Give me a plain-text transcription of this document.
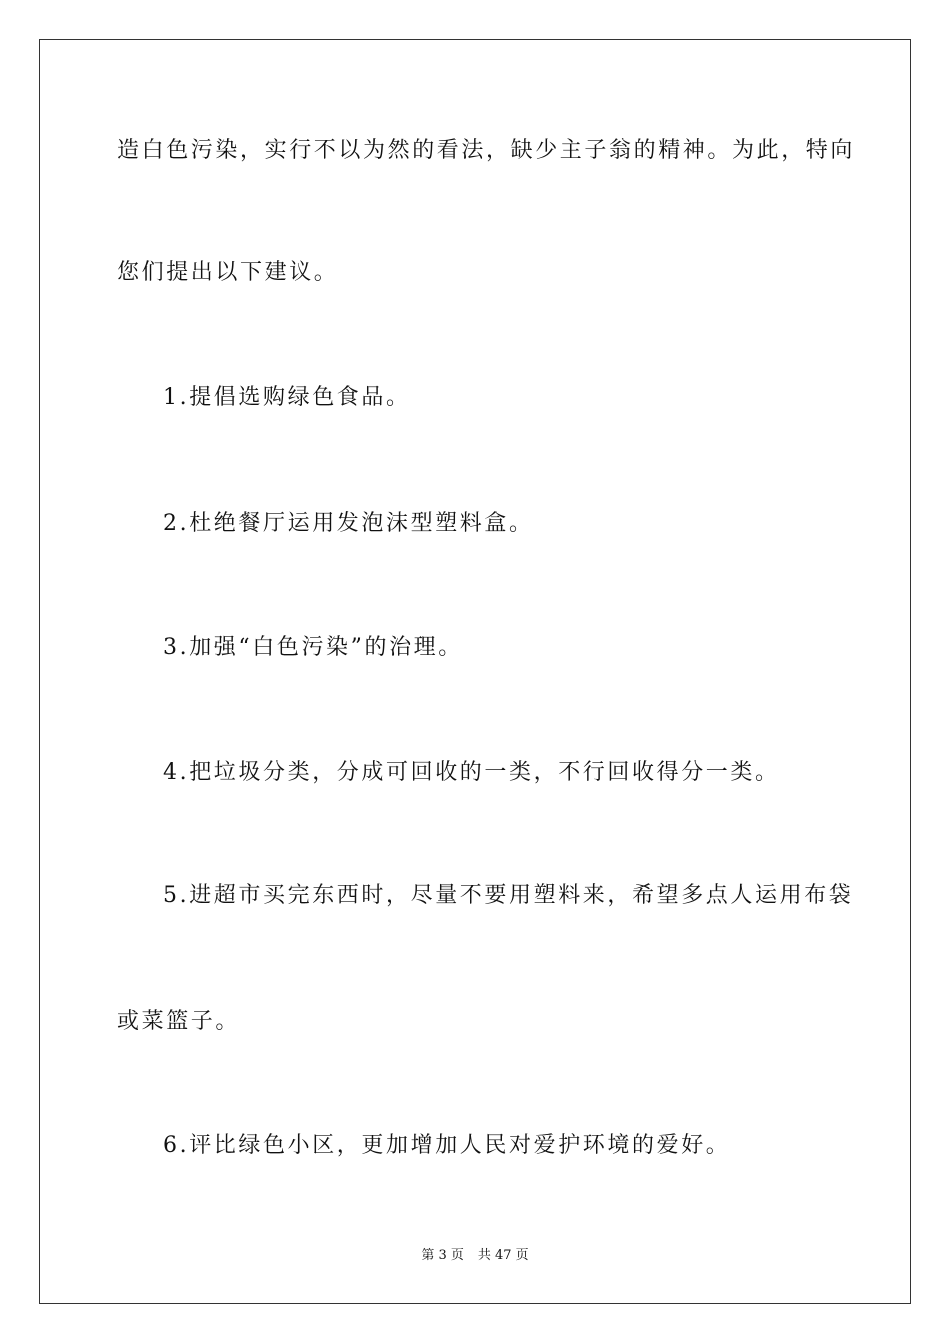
造白色污染，实行不以为然的看法，缺少主子翁的精神。为此，特向
您们提出以下建议。
1.提倡选购绿色食品。
2.杜绝餐厅运用发泡沫型塑料盒。
3.加强“白色污染”的治理。
4.把垃圾分类，分成可回收的一类，不行回收得分一类。
5.进超市买完东西时，尽量不要用塑料来，希望多点人运用布袋
或菜篮子。
6.评比绿色小区，更加增加人民对爱护环境的爱好。
第 3 页 共 47 页
